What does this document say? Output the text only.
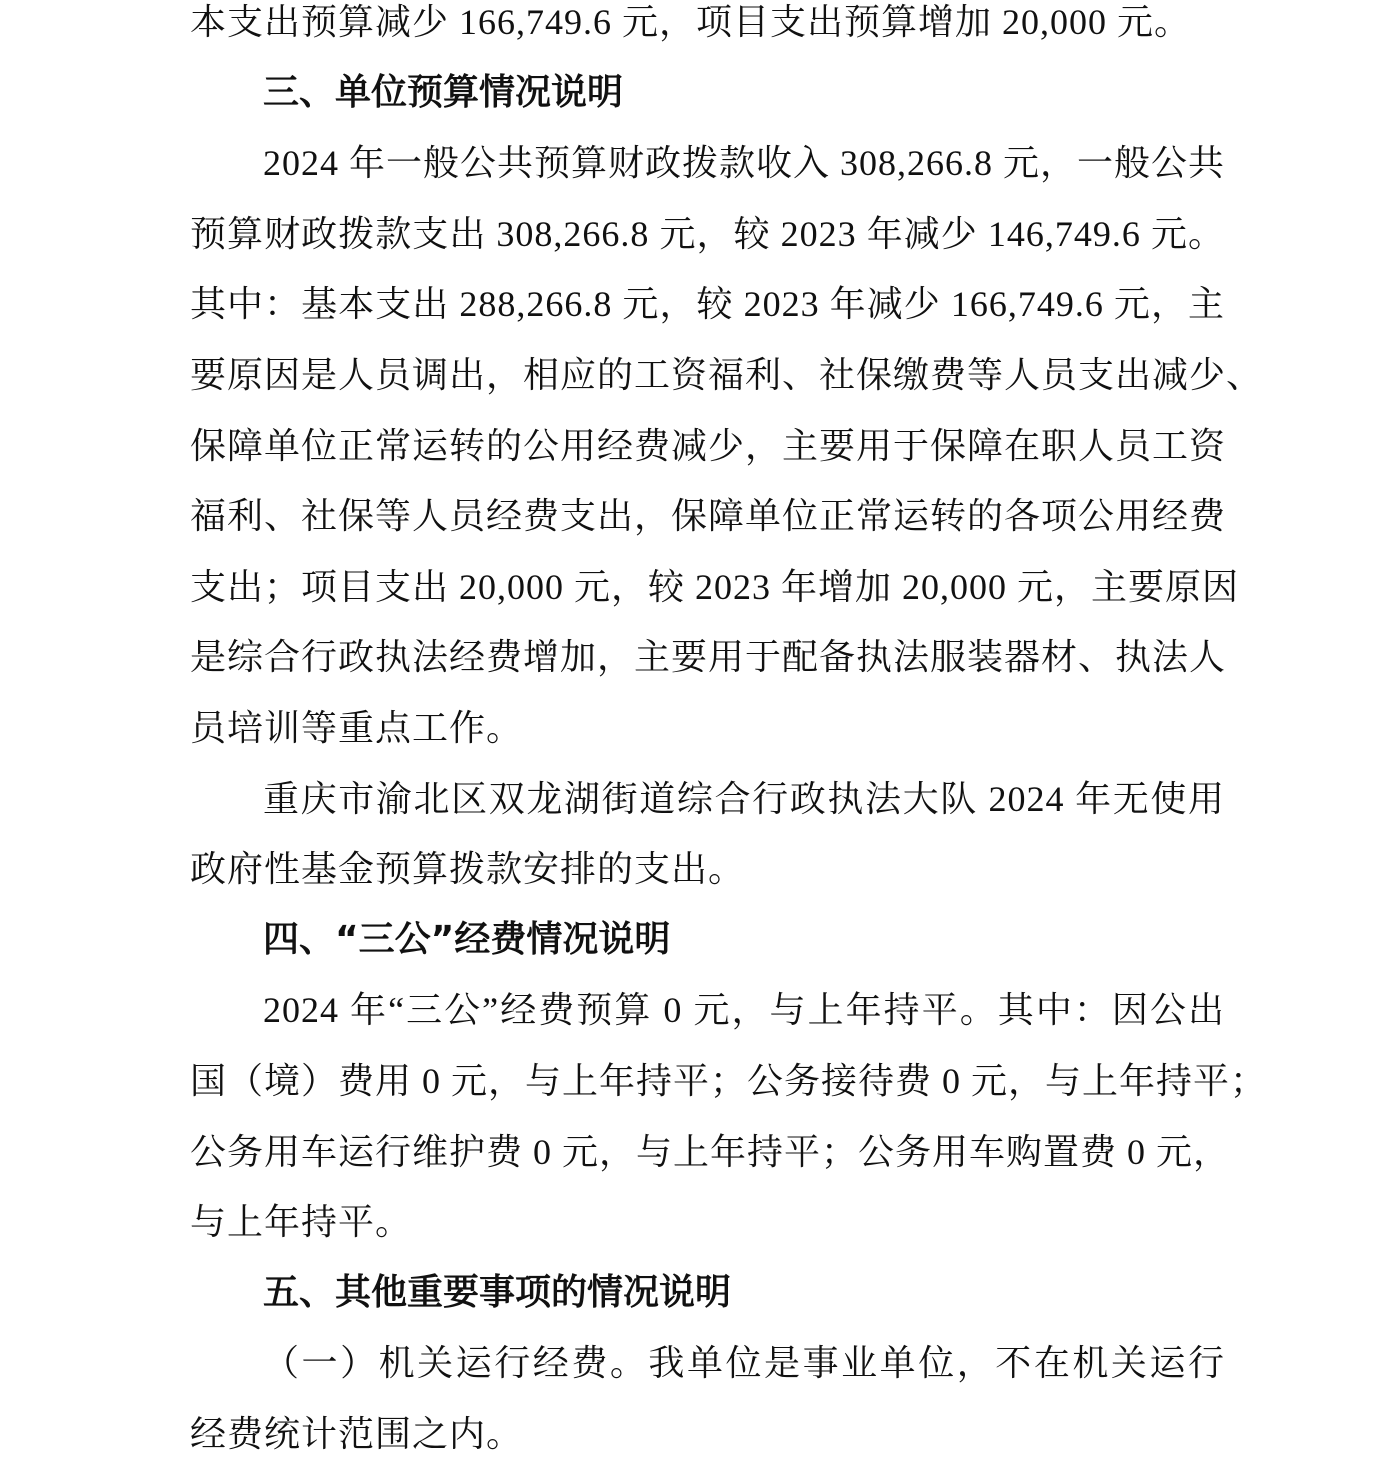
本支出预算减少 166,749.6 元，项目支出预算增加 20,000 元。
三、单位预算情况说明
2024 年一般公共预算财政拨款收入 308,266.8 元，一般公共
预算财政拨款支出 308,266.8 元，较 2023 年减少 146,749.6 元。
其中：基本支出 288,266.8 元，较 2023 年减少 166,749.6 元，主
要原因是人员调出，相应的工资福利、社保缴费等人员支出减少、
保障单位正常运转的公用经费减少，主要用于保障在职人员工资
福利、社保等人员经费支出，保障单位正常运转的各项公用经费
支出；项目支出 20,000 元，较 2023 年增加 20,000 元，主要原因
是综合行政执法经费增加，主要用于配备执法服装器材、执法人
员培训等重点工作。
重庆市渝北区双龙湖街道综合行政执法大队 2024 年无使用
政府性基金预算拨款安排的支出。
四、“三公”经费情况说明
2024 年“三公”经费预算 0 元，与上年持平。其中：因公出
国（境）费用 0 元，与上年持平；公务接待费 0 元，与上年持平；
公务用车运行维护费 0 元，与上年持平；公务用车购置费 0 元，
与上年持平。
五、其他重要事项的情况说明
（一）机关运行经费。我单位是事业单位，不在机关运行
经费统计范围之内。
